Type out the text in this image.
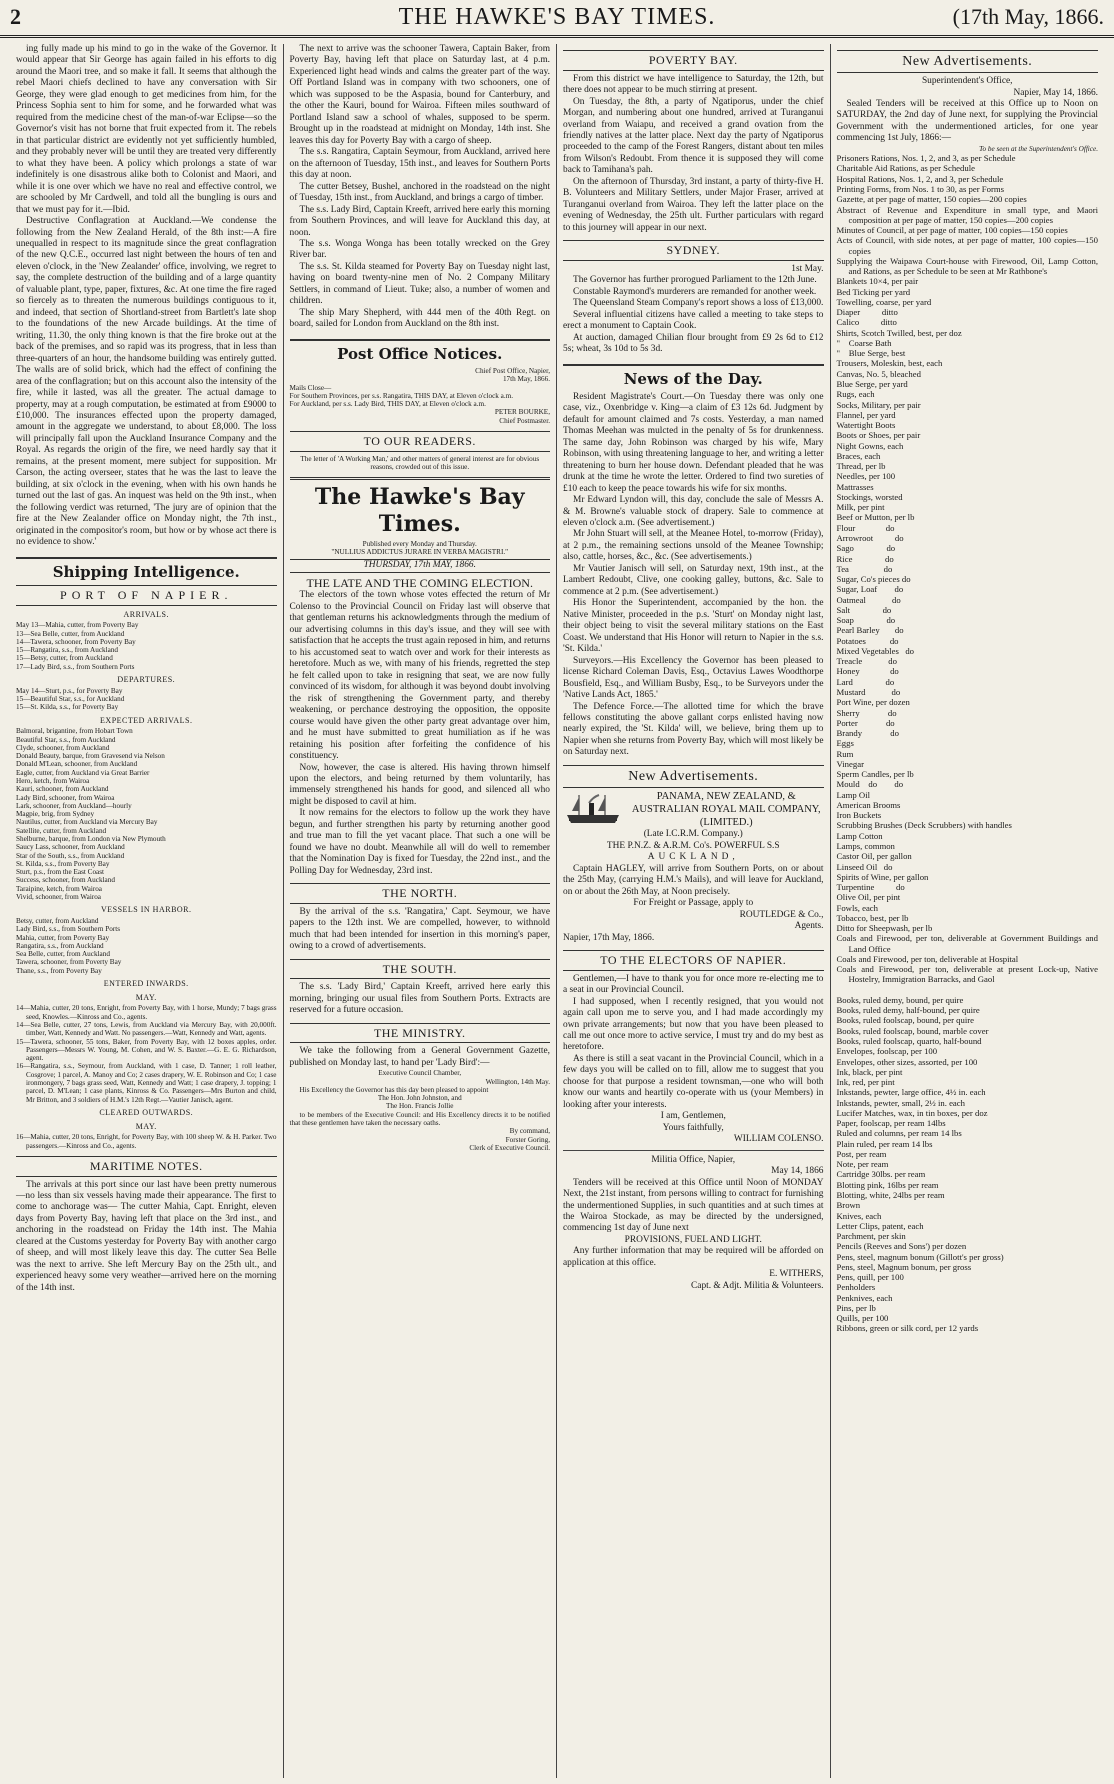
2	THE HAWKE'S BAY TIMES.	(17th May, 1866.

ing fully made up his mind to go in the wake of the Governor. It would appear that Sir George has again failed in his efforts to dig around the Maori tree, and so make it fall. It seems that although the rebel Maori chiefs declined to have any conversation with Sir George, they were glad enough to get medicines from him, for the Princess Sophia sent to him for some, and he forwarded what was required from the medicine chest of the man-of-war Eclipse—so the Governor's visit has not borne that fruit expected from it. The rebels in that particular district are evidently not yet sufficiently humbled, and they probably never will be until they are treated very differently to what they have been. A policy which prolongs a state of war indefinitely is one disastrous alike both to Colonist and Maori, and while it is one over which we have no real and effective control, we are schooled by Mr Cardwell, and told all the bungling is ours and that we must pay for it.—Ibid.

Destructive Conflagration at Auckland.—We condense the following from the New Zealand Herald, of the 8th inst:—A fire unequalled in respect to its magnitude since the great conflagration of the new Q.C.E., occurred last night between the hours of ten and eleven o'clock, in the 'New Zealander' office, involving, we regret to say, the complete destruction of the building and of a large quantity of valuable plant, type, paper, fixtures, &c. At one time the fire raged so fiercely as to threaten the numerous buildings contiguous to it, and indeed, that section of Shortland-street from Bartlett's late shop to the foundations of the new Arcade buildings. At the time of writing, 11.30, the only thing known is that the fire broke out at the back of the premises, and so rapid was its progress, that in less than three-quarters of an hour, the handsome building was entirely gutted. The walls are of solid brick, which had the effect of confining the area of the conflagration; but on this account also the intensity of the fire, while it lasted, was all the greater. The actual damage to property, may at a rough computation, be estimated at from £9000 to £10,000. The insurances effected upon the property damaged, amount in the aggregate we understand, to about £8,000. The loss will principally fall upon the Auckland Insurance Company and the Royal. As regards the origin of the fire, we need hardly say that it remains, at the present moment, mere subject for supposition. Mr Carson, the acting overseer, states that he was the last to leave the building, at six o'clock in the evening, when with his own hands he turned out the last of gas. An inquest was held on the 9th inst., when the following verdict was returned, 'The jury are of opinion that the fire at the New Zealander office on Monday night, the 7th inst., originated in the compositor's room, but how or by whose act there is no evidence to show.'

Shipping Intelligence.
PORT OF NAPIER.
ARRIVALS.
May 13—Mahia, cutter, from Poverty Bay
13—Sea Belle, cutter, from Auckland
14—Tawera, schooner, from Poverty Bay
15—Rangatira, s.s., from Auckland
15—Betsy, cutter, from Auckland
17—Lady Bird, s.s., from Southern Ports
DEPARTURES.
May 14—Sturt, p.s., for Poverty Bay
15—Beautiful Star, s.s., for Auckland
15—St. Kilda, s.s., for Poverty Bay
EXPECTED ARRIVALS.
Balmoral, brigantine, from Hobart Town
Beautiful Star, s.s., from Auckland
Clyde, schooner, from Auckland
Donald Beauty, barque, from Gravesend via Nelson
Donald M'Lean, schooner, from Auckland
Eagle, cutter, from Auckland via Great Barrier
Hero, ketch, from Wairoa
Kauri, schooner, from Auckland
Lady Bird, schooner, from Wairoa
Lark, schooner, from Auckland—hourly
Magpie, brig, from Sydney
Nautilus, cutter, from Auckland via Mercury Bay
Satellite, cutter, from Auckland
Shelburne, barque, from London via New Plymouth
Saucy Lass, schooner, from Auckland
Star of the South, s.s., from Auckland
St. Kilda, s.s., from Poverty Bay
Sturt, p.s., from the East Coast
Success, schooner, from Auckland
Taraipine, ketch, from Wairoa
Vivid, schooner, from Wairoa
VESSELS IN HARBOR.
Betsy, cutter, from Auckland
Lady Bird, s.s., from Southern Ports
Mahia, cutter, from Poverty Bay
Rangatira, s.s., from Auckland
Sea Belle, cutter, from Auckland
Tawera, schooner, from Poverty Bay
Thane, s.s., from Poverty Bay
ENTERED INWARDS.
MAY.
14—Mahia, cutter, 20 tons, Enright, from Poverty Bay, with 1 horse, Mundy; 7 bags grass seed, Knowles.—Kinross and Co., agents.
14—Sea Belle, cutter, 27 tons, Lewis, from Auckland via Mercury Bay, with 20,000ft. timber, Watt, Kennedy and Watt. No passengers.—Watt, Kennedy and Watt, agents.
15—Tawera, schooner, 55 tons, Baker, from Poverty Bay, with 12 boxes apples, order. Passengers—Messrs W. Young, M. Cohen, and W. S. Baxter.—G. E. G. Richardson, agent.
16—Rangatira, s.s., Seymour, from Auckland, with 1 case, D. Tanner; 1 roll leather, Cosgrove; 1 parcel, A. Manoy and Co; 2 cases drapery, W. E. Robinson and Co; 1 case ironmongery, 7 bags grass seed, Watt, Kennedy and Watt; 1 case drapery, J. topping; 1 parcel, D. M'Lean; 1 case plants, Kinross & Co. Passengers—Mrs Burton and child, Mr Britton, and 3 soldiers of H.M.'s 12th Regt.—Vautier Janisch, agent.
CLEARED OUTWARDS.
MAY.
16—Mahia, cutter, 20 tons, Enright, for Poverty Bay, with 100 sheep W. & H. Parker. Two passengers.—Kinross and Co., agents.
MARITIME NOTES.

The arrivals at this port since our last have been pretty numerous—no less than six vessels having made their appearance. The first to come to anchorage was— The cutter Mahia, Capt. Enright, eleven days from Poverty Bay, having left that place on the 3rd inst., and anchoring in the roadstead on Friday the 14th inst. The Mahia cleared at the Customs yesterday for Poverty Bay with another cargo of sheep, and will most likely leave this day. The cutter Sea Belle was the next to arrive. She left Mercury Bay on the 25th ult., and experienced heavy some very weather—arrived here on the morning of the 14th inst.

The next to arrive was the schooner Tawera, Captain Baker, from Poverty Bay, having left that place on Saturday last, at 4 p.m. Experienced light head winds and calms the greater part of the way. Off Portland Island was in company with two schooners, one of which was supposed to be the Aspasia, bound for Canterbury, and the other the Kauri, bound for Wairoa. Fifteen miles southward of Portland Island saw a school of whales, supposed to be sperm. Brought up in the roadstead at midnight on Monday, 14th inst. She leaves this day for Poverty Bay with a cargo of sheep.

The s.s. Rangatira, Captain Seymour, from Auckland, arrived here on the afternoon of Tuesday, 15th inst., and leaves for Southern Ports this day at noon.

The cutter Betsey, Bushel, anchored in the roadstead on the night of Tuesday, 15th inst., from Auckland, and brings a cargo of timber.

The s.s. Lady Bird, Captain Kreeft, arrived here early this morning from Southern Provinces, and will leave for Auckland this day, at noon.

The s.s. Wonga Wonga has been totally wrecked on the Grey River bar.

The s.s. St. Kilda steamed for Poverty Bay on Tuesday night last, having on board twenty-nine men of No. 2 Company Military Settlers, in command of Lieut. Tuke; also, a number of women and children.

The ship Mary Shepherd, with 444 men of the 40th Regt. on board, sailed for London from Auckland on the 8th inst.

Post Office Notices.
Chief Post Office, Napier,
17th May, 1866.
Mails Close—
For Southern Provinces, per s.s. Rangatira, THIS DAY, at Eleven o'clock a.m.
For Auckland, per s.s. Lady Bird, THIS DAY, at Eleven o'clock a.m.
PETER BOURKE,
Chief Postmaster.
TO OUR READERS.
The letter of 'A Working Man,' and other matters of general interest are for obvious reasons, crowded out of this issue.
The Hawke's Bay Times.
Published every Monday and Thursday.
"NULLIUS ADDICTUS JURARE IN VERBA MAGISTRI."
THURSDAY, 17th MAY, 1866.
THE LATE AND THE COMING ELECTION.

The electors of the town whose votes effected the return of Mr Colenso to the Provincial Council on Friday last will observe that that gentleman returns his acknowledgments through the medium of our advertising columns in this day's issue, and they will see with satisfaction that he accepts the trust again reposed in him, and returns to his accustomed seat to watch over and work for their interests as heretofore. Much as we, with many of his friends, regretted the step he felt called upon to take in resigning that seat, we are now fully convinced of its wisdom, for although it was beyond doubt involving the risk of strengthening the Government party, and thereby weakening, or perchance destroying the opposition, the opposite course would have given the other party great advantage over him, and he must have submitted to great humiliation as if he was retaining his position after forfeiting the confidence of his constituency.

Now, however, the case is altered. His having thrown himself upon the electors, and being returned by them voluntarily, has immensely strengthened his hands for good, and silenced all who might be disposed to cavil at him.

It now remains for the electors to follow up the work they have begun, and further strengthen his party by returning another good and true man to fill the yet vacant place. That such a one will be found we have no doubt. Meanwhile all will do well to remember that the Nomination Day is fixed for Tuesday, the 22nd inst., and the Polling Day for Wednesday, 23rd inst.

THE NORTH.

By the arrival of the s.s. 'Rangatira,' Capt. Seymour, we have papers to the 12th inst. We are compelled, however, to withnold much that had been intended for insertion in this morning's paper, owing to a crowd of advertisements.

THE SOUTH.

The s.s. 'Lady Bird,' Captain Kreeft, arrived here early this morning, bringing our usual files from Southern Ports. Extracts are reserved for a future occasion.

THE MINISTRY.

We take the following from a General Government Gazette, published on Monday last, to hand per 'Lady Bird':—

Executive Council Chamber,
Wellington, 14th May.

His Excellency the Governor has this day been pleased to appoint

The Hon. John Johnston, and
The Hon. Francis Jollie

to be members of the Executive Council: and His Excellency directs it to be notified that these gentlemen have taken the necessary oaths.

By command,
Forster Goring,
Clerk of Executive Council.
POVERTY BAY.

From this district we have intelligence to Saturday, the 12th, but there does not appear to be much stirring at present.

On Tuesday, the 8th, a party of Ngatiporus, under the chief Morgan, and numbering about one hundred, arrived at Turanganui overland from Waiapu, and received a grand ovation from the friendly natives at the latter place. Next day the party of Ngatiporus proceeded to the camp of the Forest Rangers, distant about ten miles from Wilson's Redoubt. From thence it is supposed they will come back to Tamihana's pah.

On the afternoon of Thursday, 3rd instant, a party of thirty-five H. B. Volunteers and Military Settlers, under Major Fraser, arrived at Turanganui overland from Wairoa. They left the latter place on the evening of Wednesday, the 25th ult. Further particulars with regard to this journey will appear in our next.

SYDNEY.
1st May.

The Governor has further prorogued Parliament to the 12th June.

Constable Raymond's murderers are remanded for another week.

The Queensland Steam Company's report shows a loss of £13,000.

Several influential citizens have called a meeting to take steps to erect a monument to Captain Cook.

At auction, damaged Chilian flour brought from £9 2s 6d to £12 5s; wheat, 3s 10d to 5s 3d.

News of the Day.

Resident Magistrate's Court.—On Tuesday there was only one case, viz., Oxenbridge v. King—a claim of £3 12s 6d. Judgment by default for amount claimed and 7s costs. Yesterday, a man named Thomas Meehan was mulcted in the penalty of 5s for drunkenness. The same day, John Robinson was charged by his wife, Mary Robinson, with using threatening language to her, and writing a letter threatening to burn her house down. Defendant pleaded that he was drunk at the time he wrote the letter. Ordered to find two sureties of £10 each to keep the peace towards his wife for six months.

Mr Edward Lyndon will, this day, conclude the sale of Messrs A. & M. Browne's valuable stock of drapery. Sale to commence at eleven o'clock a.m. (See advertisement.)

Mr John Stuart will sell, at the Meanee Hotel, to-morrow (Friday), at 2 p.m., the remaining sections unsold of the Meanee Township; also, cattle, horses, &c., &c. (See advertisements.)

Mr Vautier Janisch will sell, on Saturday next, 19th inst., at the Lambert Redoubt, Clive, one cooking galley, buttons, &c. Sale to commence at 2 p.m. (See advertisement.)

His Honor the Superintendent, accompanied by the hon. the Native Minister, proceeded in the p.s. 'Sturt' on Monday night last, their object being to visit the several military stations on the East Coast. We understand that His Honor will return to Napier in the s.s. 'St. Kilda.'

Surveyors.—His Excellency the Governor has been pleased to license Richard Coleman Davis, Esq., Octavius Lawes Woodthorpe Bousfield, Esq., and William Busby, Esq., to be Surveyors under the 'Native Lands Act, 1865.'

The Defence Force.—The allotted time for which the brave fellows constituting the above gallant corps enlisted having now nearly expired, the 'St. Kilda' will, we believe, bring them up to Napier when she returns from Poverty Bay, which will most likely be on Saturday next.

New Advertisements.
PANAMA, NEW ZEALAND, & AUSTRALIAN ROYAL MAIL COMPANY, (LIMITED.)
(Late I.C.R.M. Company.)
THE P.N.Z. & A.R.M. Co's. POWERFUL S.S
AUCKLAND,

Captain HAGLEY, will arrive from Southern Ports, on or about the 25th May, (carrying H.M.'s Mails), and will leave for Auckland, on or about the 26th May, at Noon precisely.

For Freight or Passage, apply to
ROUTLEDGE & Co.,
Agents.
Napier, 17th May, 1866.
TO THE ELECTORS OF NAPIER.

Gentlemen,—I have to thank you for once more re-electing me to a seat in our Provincial Council.

I had supposed, when I recently resigned, that you would not again call upon me to serve you, and I had made accordingly my own private arrangements; but now that you have been pleased to call me out once more to active service, I must try and do my best as heretofore.

As there is still a seat vacant in the Provincial Council, which in a few days you will be called on to fill, allow me to suggest that you choose for that purpose a resident townsman,—one who will both know our wants and heartily co-operate with us (your Members) in looking after your interests.

I am, Gentlemen,
Yours faithfully,
WILLIAM COLENSO.
Militia Office, Napier,
May 14, 1866

Tenders will be received at this Office until Noon of MONDAY Next, the 21st instant, from persons willing to contract for furnishing the undermentioned Supplies, in such quantities and at such times at the Wairoa Stockade, as may be directed by the undersigned, commencing 1st day of June next

PROVISIONS, FUEL AND LIGHT.

Any further information that may be required will be afforded on application at this office.

E. WITHERS,
Capt. & Adjt. Militia & Volunteers.
New Advertisements.
Superintendent's Office,
Napier, May 14, 1866.

Sealed Tenders will be received at this Office up to Noon on SATURDAY, the 2nd day of June next, for supplying the Provincial Government with the undermentioned articles, for one year commencing 1st July, 1866:—

To be seen at the Superintendent's Office.
Prisoners Rations, Nos. 1, 2, and 3, as per Schedule
Charitable Aid Rations, as per Schedule
Hospital Rations, Nos. 1, 2, and 3, per Schedule
Printing Forms, from Nos. 1 to 30, as per Forms
Gazette, at per page of matter, 150 copies—200 copies
Abstract of Revenue and Expenditure in small type, and Maori composition at per page of matter, 150 copies—200 copies
Minutes of Council, at per page of matter, 100 copies—150 copies
Acts of Council, with side notes, at per page of matter, 100 copies—150 copies
Supplying the Waipawa Court-house with Firewood, Oil, Lamp Cotton, and Rations, as per Schedule to be seen at Mr Rathbone's
Blankets 10×4, per pair
Bed Ticking per yard
Towelling, coarse, per yard
Diaper          ditto
Calico          ditto
Shirts, Scotch Twilled, best, per doz
"    Coarse Bath
"    Blue Serge, best
Trousers, Moleskin, best, each
Canvas, No. 5, bleached
Blue Serge, per yard
Rugs, each
Socks, Military, per pair
Flannel, per yard
Watertight Boots
Boots or Shoes, per pair
Night Gowns, each
Braces, each
Thread, per lb
Needles, per 100
Mattrasses
Stockings, worsted
Milk, per pint
Beef or Mutton, per lb
Flour              do
Arrowroot          do
Sago               do
Rice               do
Tea                do
Sugar, Co's pieces do
Sugar, Loaf        do
Oatmeal            do
Salt               do
Soap               do
Pearl Barley       do
Potatoes           do
Mixed Vegetables   do
Treacle            do
Honey              do
Lard               do
Mustard            do
Port Wine, per dozen
Sherry             do
Porter             do
Brandy             do
Eggs
Rum
Vinegar
Sperm Candles, per lb
Mould    do        do
Lamp Oil
American Brooms
Iron Buckets
Scrubbing Brushes (Deck Scrubbers) with handles
Lamp Cotton
Lamps, common
Castor Oil, per gallon
Linseed Oil   do
Spirits of Wine, per gallon
Turpentine          do
Olive Oil, per pint
Fowls, each
Tobacco, best, per lb
Ditto for Sheepwash, per lb
Coals and Firewood, per ton, deliverable at Government Buildings and Land Office
Coals and Firewood, per ton, deliverable at Hospital
Coals and Firewood, per ton, deliverable at present Lock-up, Native Hostelry, Immigration Barracks, and Gaol

Books, ruled demy, bound, per quire
Books, ruled demy, half-bound, per quire
Books, ruled foolscap, bound, per quire
Books, ruled foolscap, bound, marble cover
Books, ruled foolscap, quarto, half-bound
Envelopes, foolscap, per 100
Envelopes, other sizes, assorted, per 100
Ink, black, per pint
Ink, red, per pint
Inkstands, pewter, large office, 4½ in. each
Inkstands, pewter, small, 2½ in. each
Lucifer Matches, wax, in tin boxes, per doz
Paper, foolscap, per ream 14lbs
Ruled and columns, per ream 14 lbs
Plain ruled, per ream 14 lbs
Post, per ream
Note, per ream
Cartridge 30lbs. per ream
Blotting pink, 16lbs per ream
Blotting, white, 24lbs per ream
Brown
Knives, each
Letter Clips, patent, each
Parchment, per skin
Pencils (Reeves and Sons') per dozen
Pens, steel, magnum bonum (Gillott's per gross)
Pens, steel, Magnum bonum, per gross
Pens, quill, per 100
Penholders
Penknives, each
Pins, per lb
Quills, per 100
Ribbons, green or silk cord, per 12 yards
